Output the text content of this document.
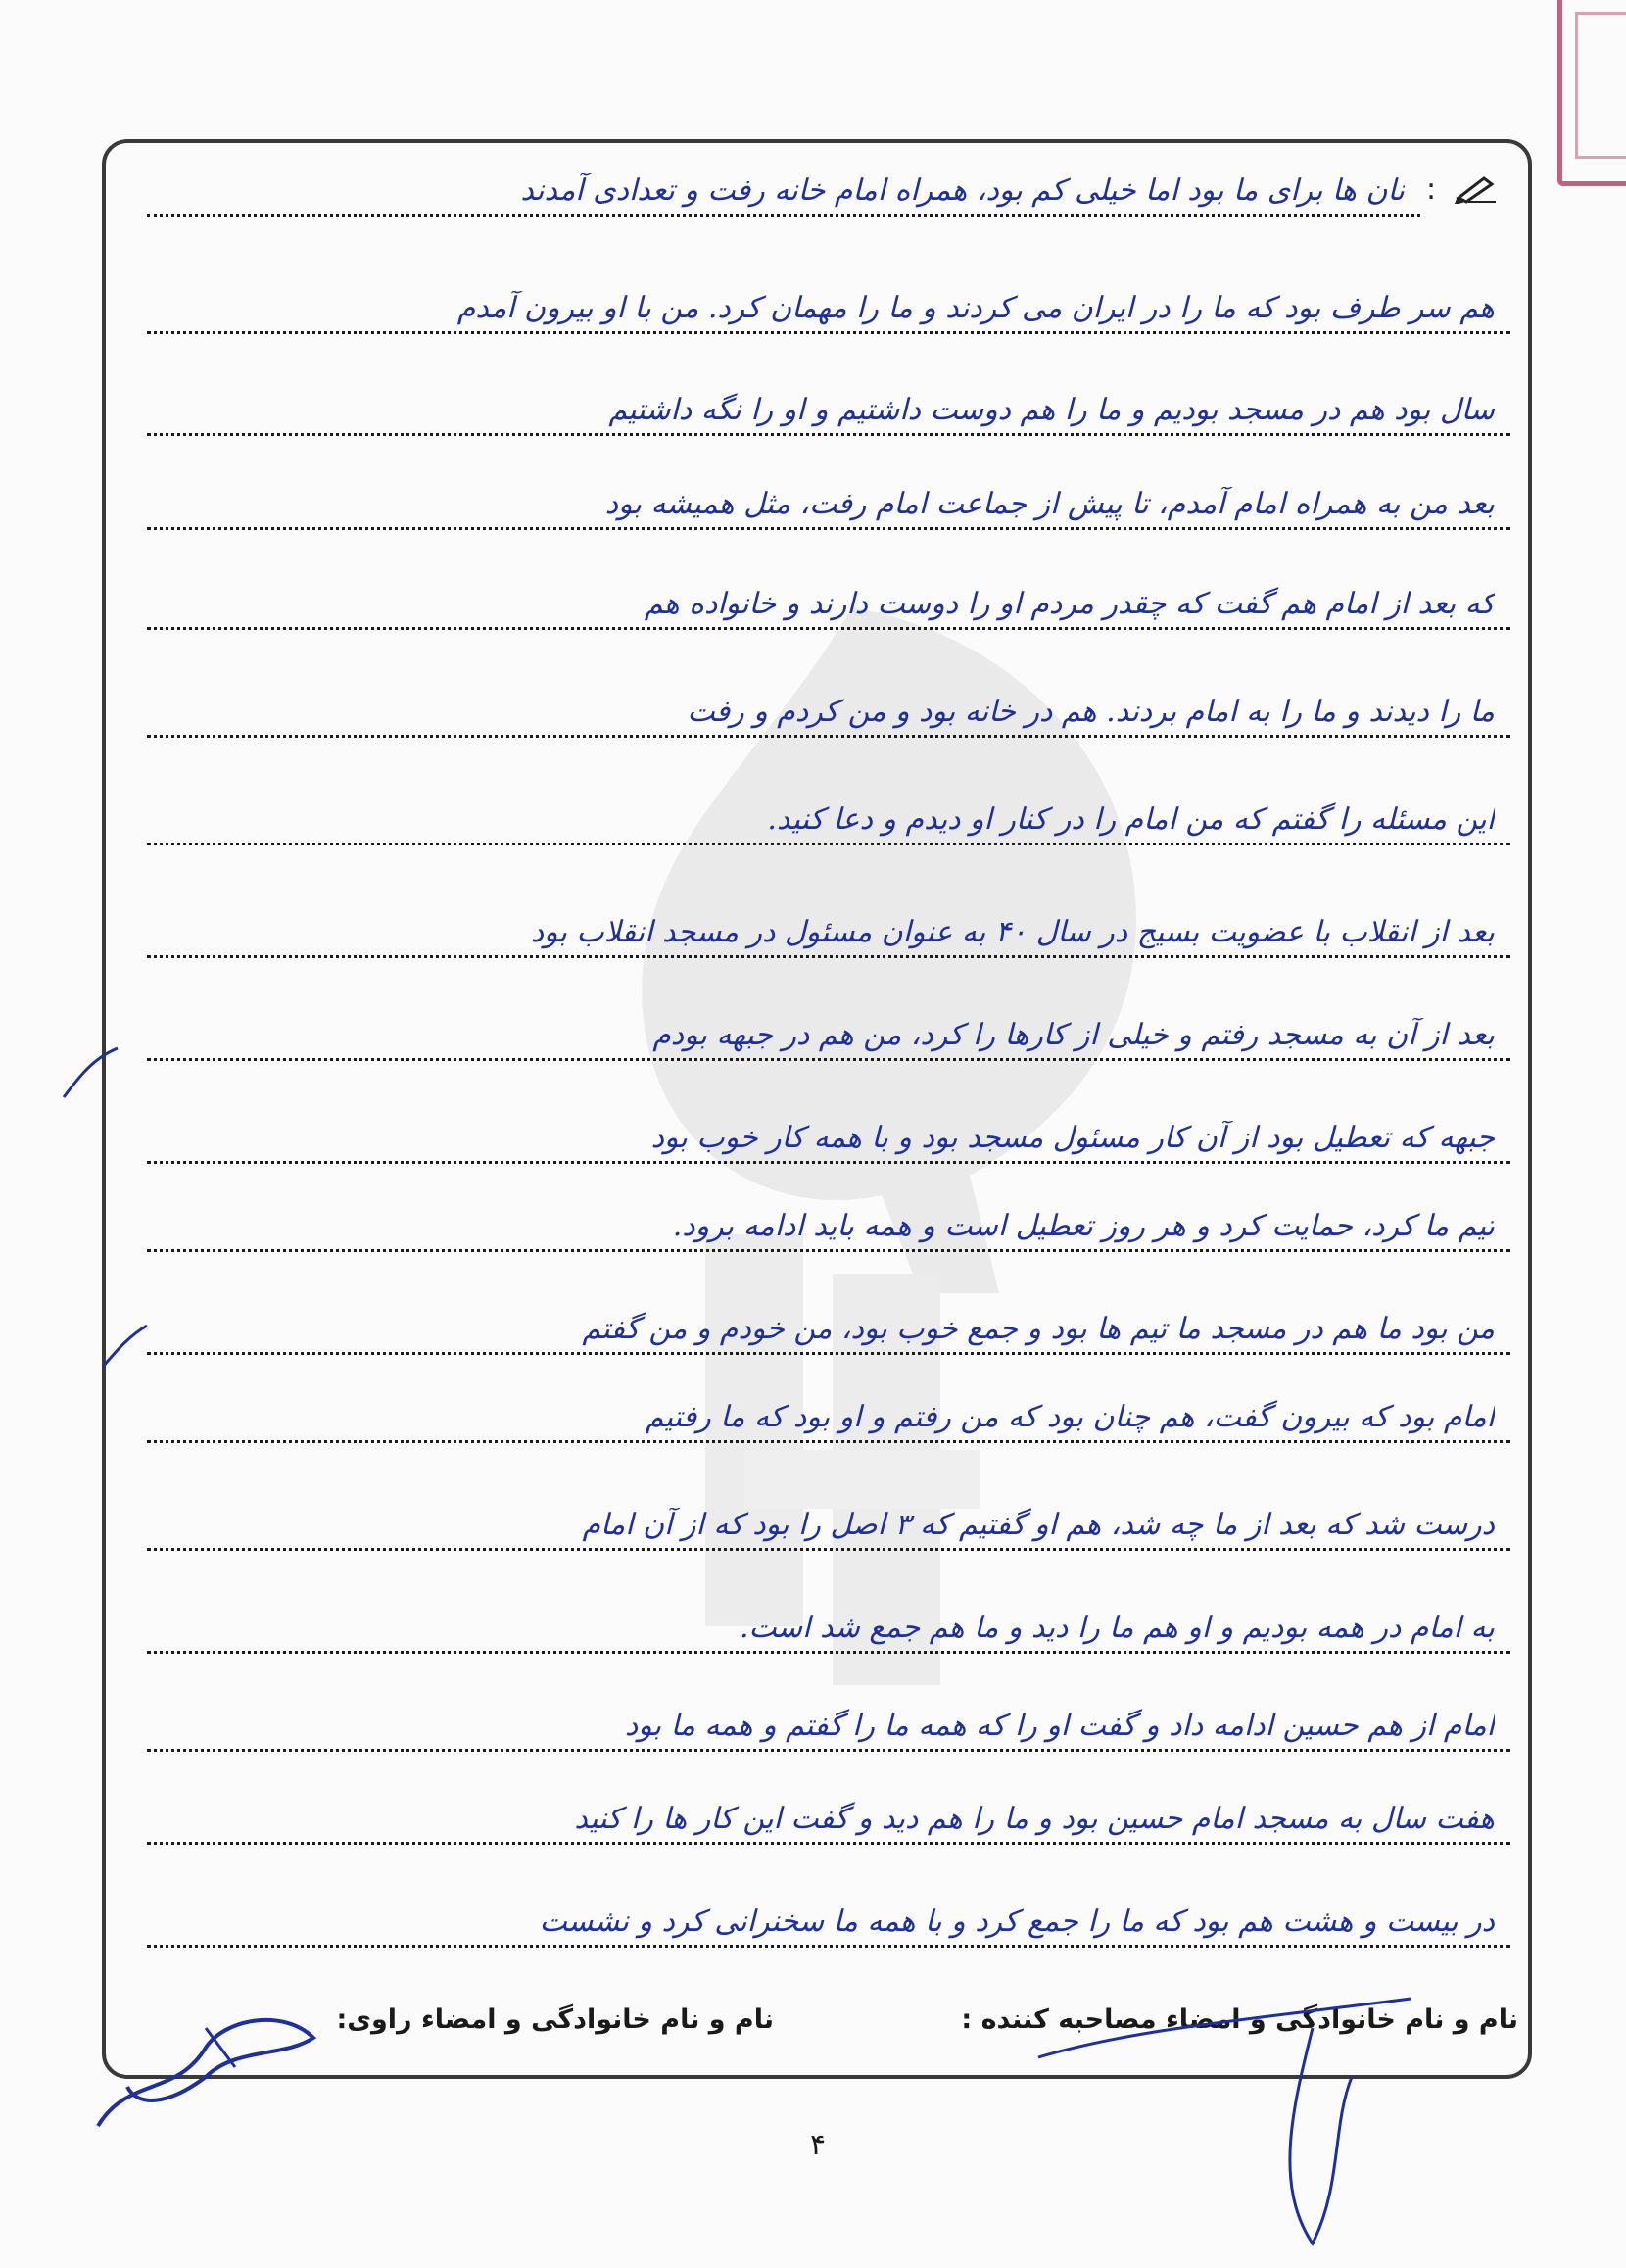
:
نان ها برای ما بود اما خیلی کم بود، همراه امام خانه رفت و تعدادی آمدند
هم سر طرف بود که ما را در ایران می کردند و ما را مهمان کرد. من با او بیرون آمدم
سال بود هم در مسجد بودیم و ما را هم دوست داشتیم و او را نگه داشتیم
بعد من به همراه امام آمدم، تا پیش از جماعت امام رفت، مثل همیشه بود
که بعد از امام هم گفت که چقدر مردم او را دوست دارند و خانواده هم
ما را دیدند و ما را به امام بردند. هم در خانه بود و من کردم و رفت
این مسئله را گفتم که من امام را در کنار او دیدم و دعا کنید.
بعد از انقلاب با عضویت بسیج در سال ۴۰ به عنوان مسئول در مسجد انقلاب بود
بعد از آن به مسجد رفتم و خیلی از کارها را کرد، من هم در جبهه بودم
جبهه که تعطیل بود از آن کار مسئول مسجد بود و با همه کار خوب بود
تیم ما کرد، حمایت کرد و هر روز تعطیل است و همه باید ادامه برود.
من بود ما هم در مسجد ما تیم ها بود و جمع خوب بود، من خودم و من گفتم
امام بود که بیرون گفت، هم چنان بود که من رفتم و او بود که ما رفتیم
درست شد که بعد از ما چه شد، هم او گفتیم که ۳ اصل را بود که از آن امام
به امام در همه بودیم و او هم ما را دید و ما هم جمع شد است.
امام از هم حسین ادامه داد و گفت او را که همه ما را گفتم و همه ما بود
هفت سال به مسجد امام حسین بود و ما را هم دید و گفت این کار ها را کنید
در بیست و هشت هم بود که ما را جمع کرد و با همه ما سخنرانی کرد و نشست
نام و نام خانوادگی و امضاء مصاحبه کننده :
نام و نام خانوادگی و امضاء راوی:
۴
